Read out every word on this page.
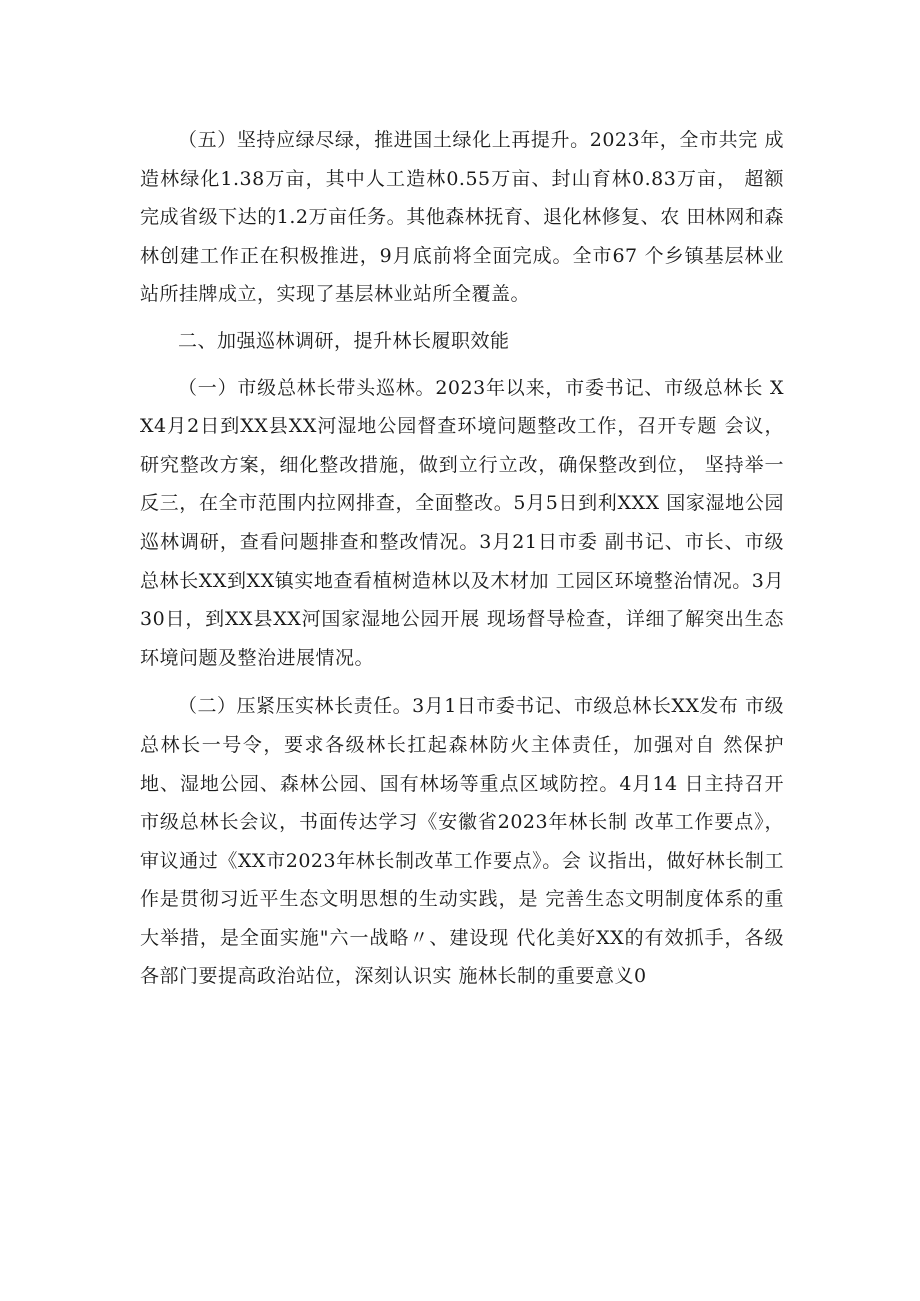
（五）坚持应绿尽绿，推进国土绿化上再提升。2023年，全市共完 成造林绿化1.38万亩，其中人工造林0.55万亩、封山育林0.83万亩， 超额完成省级下达的1.2万亩任务。其他森林抚育、退化林修复、农 田林网和森林创建工作正在积极推进，9月底前将全面完成。全市67 个乡镇基层林业站所挂牌成立，实现了基层林业站所全覆盖。

二、加强巡林调研，提升林长履职效能

（一）市级总林长带头巡林。2023年以来，市委书记、市级总林长 XX4月2日到XX县XX河湿地公园督查环境问题整改工作，召开专题 会议，研究整改方案，细化整改措施，做到立行立改，确保整改到位， 坚持举一反三，在全市范围内拉网排查，全面整改。5月5日到利XXX 国家湿地公园巡林调研，查看问题排查和整改情况。3月21日市委 副书记、市长、市级总林长XX到XX镇实地查看植树造林以及木材加 工园区环境整治情况。3月30日，到XX县XX河国家湿地公园开展 现场督导检查，详细了解突出生态环境问题及整治进展情况。

（二）压紧压实林长责任。3月1日市委书记、市级总林长XX发布 市级总林长一号令，要求各级林长扛起森林防火主体责任，加强对自 然保护地、湿地公园、森林公园、国有林场等重点区域防控。4月14 日主持召开市级总林长会议，书面传达学习《安徽省2023年林长制 改革工作要点》，审议通过《XX市2023年林长制改革工作要点》。会 议指出，做好林长制工作是贯彻习近平生态文明思想的生动实践，是 完善生态文明制度体系的重大举措，是全面实施"六一战略〃、建设现 代化美好XX的有效抓手，各级各部门要提高政治站位，深刻认识实 施林长制的重要意义0
